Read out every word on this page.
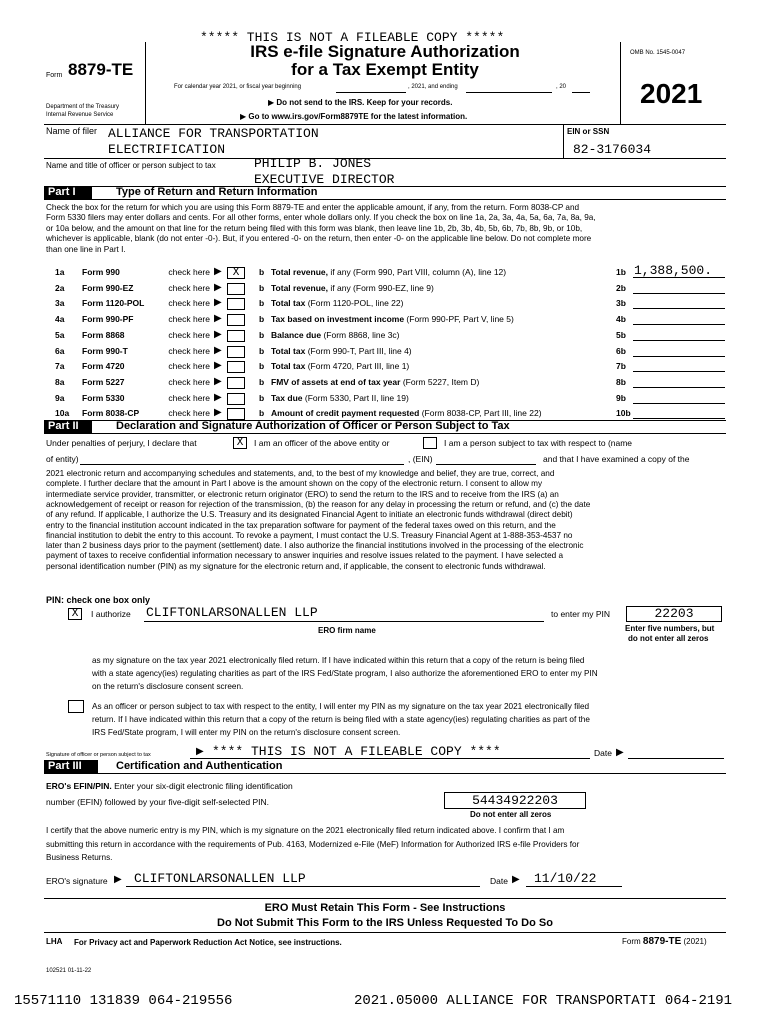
***** THIS IS NOT A FILEABLE COPY *****
Form 8879-TE
IRS e-file Signature Authorization
for a Tax Exempt Entity
OMB No. 1545-0047
2021
For calendar year 2021, or fiscal year beginning	, 2021, and ending	, 20
Department of the Treasury
Internal Revenue Service
▶ Do not send to the IRS. Keep for your records.
▶ Go to www.irs.gov/Form8879TE for the latest information.
Name of filer ALLIANCE FOR TRANSPORTATION
ELECTRIFICATION
EIN or SSN
82-3176034
Name and title of officer or person subject to tax	PHILIP B. JONES
EXECUTIVE DIRECTOR
Part I	Type of Return and Return Information
Check the box for the return for which you are using this Form 8879-TE and enter the applicable amount, if any, from the return. Form 8038-CP and
Form 5330 filers may enter dollars and cents. For all other forms, enter whole dollars only. If you check the box on line 1a, 2a, 3a, 4a, 5a, 6a, 7a, 8a, 9a,
or 10a below, and the amount on that line for the return being filed with this form was blank, then leave line 1b, 2b, 3b, 4b, 5b, 6b, 7b, 8b, 9b, or 10b,
whichever is applicable, blank (do not enter -0-). But, if you entered -0- on the return, then enter -0- on the applicable line below. Do not complete more
than one line in Part I.
1a Form 990	check here ▶ X	b Total revenue, if any (Form 990, Part VIII, column (A), line 12)	1b 1,388,500.
2a Form 990-EZ	check here ▶	b Total revenue, if any (Form 990-EZ, line 9)	2b
3a Form 1120-POL	check here ▶	b Total tax (Form 1120-POL, line 22)	3b
4a Form 990-PF	check here ▶	b Tax based on investment income (Form 990-PF, Part V, line 5)	4b
5a Form 8868	check here ▶	b Balance due (Form 8868, line 3c)	5b
6a Form 990-T	check here ▶	b Total tax (Form 990-T, Part III, line 4)	6b
7a Form 4720	check here ▶	b Total tax (Form 4720, Part III, line 1)	7b
8a Form 5227	check here ▶	b FMV of assets at end of tax year (Form 5227, Item D)	8b
9a Form 5330	check here ▶	b Tax due (Form 5330, Part II, line 19)	9b
10a Form 8038-CP	check here ▶	b Amount of credit payment requested (Form 8038-CP, Part III, line 22)	10b
Part II	Declaration and Signature Authorization of Officer or Person Subject to Tax
Under penalties of perjury, I declare that	X	I am an officer of the above entity or	I am a person subject to tax with respect to (name
of entity)	, (EIN)	and that I have examined a copy of the
2021 electronic return and accompanying schedules and statements, and, to the best of my knowledge and belief, they are true, correct, and
complete. I further declare that the amount in Part I above is the amount shown on the copy of the electronic return. I consent to allow my
intermediate service provider, transmitter, or electronic return originator (ERO) to send the return to the IRS and to receive from the IRS (a) an
acknowledgement of receipt or reason for rejection of the transmission, (b) the reason for any delay in processing the return or refund, and (c) the date
of any refund. If applicable, I authorize the U.S. Treasury and its designated Financial Agent to initiate an electronic funds withdrawal (direct debit)
entry to the financial institution account indicated in the tax preparation software for payment of the federal taxes owed on this return, and the
financial institution to debit the entry to this account. To revoke a payment, I must contact the U.S. Treasury Financial Agent at 1-888-353-4537 no
later than 2 business days prior to the payment (settlement) date. I also authorize the financial institutions involved in the processing of the electronic
payment of taxes to receive confidential information necessary to answer inquiries and resolve issues related to the payment. I have selected a
personal identification number (PIN) as my signature for the electronic return and, if applicable, the consent to electronic funds withdrawal.
PIN: check one box only
X	I authorize CLIFTONLARSONALLEN LLP	to enter my PIN	22203
ERO firm name	Enter five numbers, but
do not enter all zeros
as my signature on the tax year 2021 electronically filed return. If I have indicated within this return that a copy of the return is being filed
with a state agency(ies) regulating charities as part of the IRS Fed/State program, I also authorize the aforementioned ERO to enter my PIN
on the return's disclosure consent screen.
As an officer or person subject to tax with respect to the entity, I will enter my PIN as my signature on the tax year 2021 electronically filed
return. If I have indicated within this return that a copy of the return is being filed with a state agency(ies) regulating charities as part of the
IRS Fed/State program, I will enter my PIN on the return's disclosure consent screen.
Signature of officer or person subject to tax	▶ **** THIS IS NOT A FILEABLE COPY ****	Date ▶
Part III	Certification and Authentication
ERO's EFIN/PIN. Enter your six-digit electronic filing identification
number (EFIN) followed by your five-digit self-selected PIN.	54434922203
Do not enter all zeros
I certify that the above numeric entry is my PIN, which is my signature on the 2021 electronically filed return indicated above. I confirm that I am
submitting this return in accordance with the requirements of Pub. 4163, Modernized e-File (MeF) Information for Authorized IRS e-file Providers for
Business Returns.
ERO's signature ▶ CLIFTONLARSONALLEN LLP	Date ▶ 11/10/22
ERO Must Retain This Form - See Instructions
Do Not Submit This Form to the IRS Unless Requested To Do So
LHA For Privacy act and Paperwork Reduction Act Notice, see instructions.	Form 8879-TE (2021)
102521 01-11-22
15571110 131839 064-219556	2021.05000 ALLIANCE FOR TRANSPORTATI 064-2191
